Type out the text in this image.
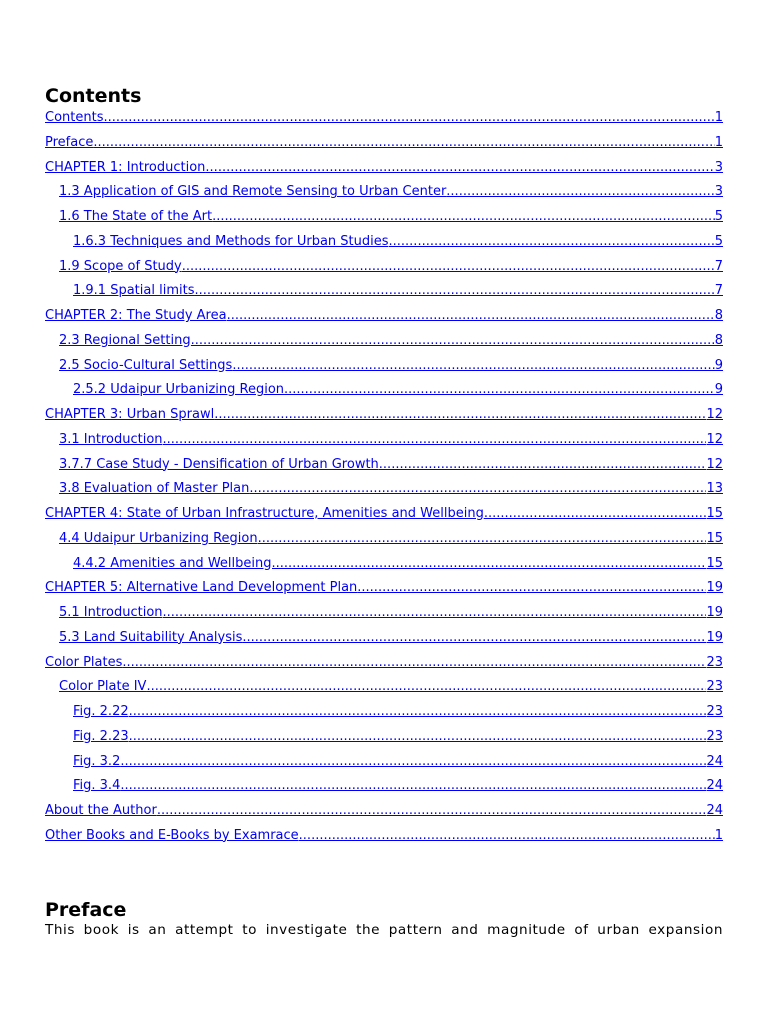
Contents
Contents .....	1
Preface .....	1
CHAPTER 1: Introduction .....	3
1.3 Application of GIS and Remote Sensing to Urban Center .....	3
1.6 The State of the Art .....	5
1.6.3 Techniques and Methods for Urban Studies .....	5
1.9 Scope of Study .....	7
1.9.1 Spatial limits .....	7
CHAPTER 2: The Study Area .....	8
2.3 Regional Setting .....	8
2.5 Socio-Cultural Settings .....	9
2.5.2 Udaipur Urbanizing Region .....	9
CHAPTER 3: Urban Sprawl .....	12
3.1 Introduction .....	12
3.7.7 Case Study - Densification of Urban Growth .....	12
3.8 Evaluation of Master Plan .....	13
CHAPTER 4: State of Urban Infrastructure, Amenities and Wellbeing .....	15
4.4 Udaipur Urbanizing Region .....	15
4.4.2 Amenities and Wellbeing .....	15
CHAPTER 5: Alternative Land Development Plan .....	19
5.1 Introduction .....	19
5.3 Land Suitability Analysis .....	19
Color Plates .....	23
Color Plate IV .....	23
Fig. 2.22 .....	23
Fig. 2.23 .....	23
Fig. 3.2 .....	24
Fig. 3.4 .....	24
About the Author .....	24
Other Books and E-Books by Examrace .....	1
Preface
This book is an attempt to investigate the pattern and magnitude of urban expansion
